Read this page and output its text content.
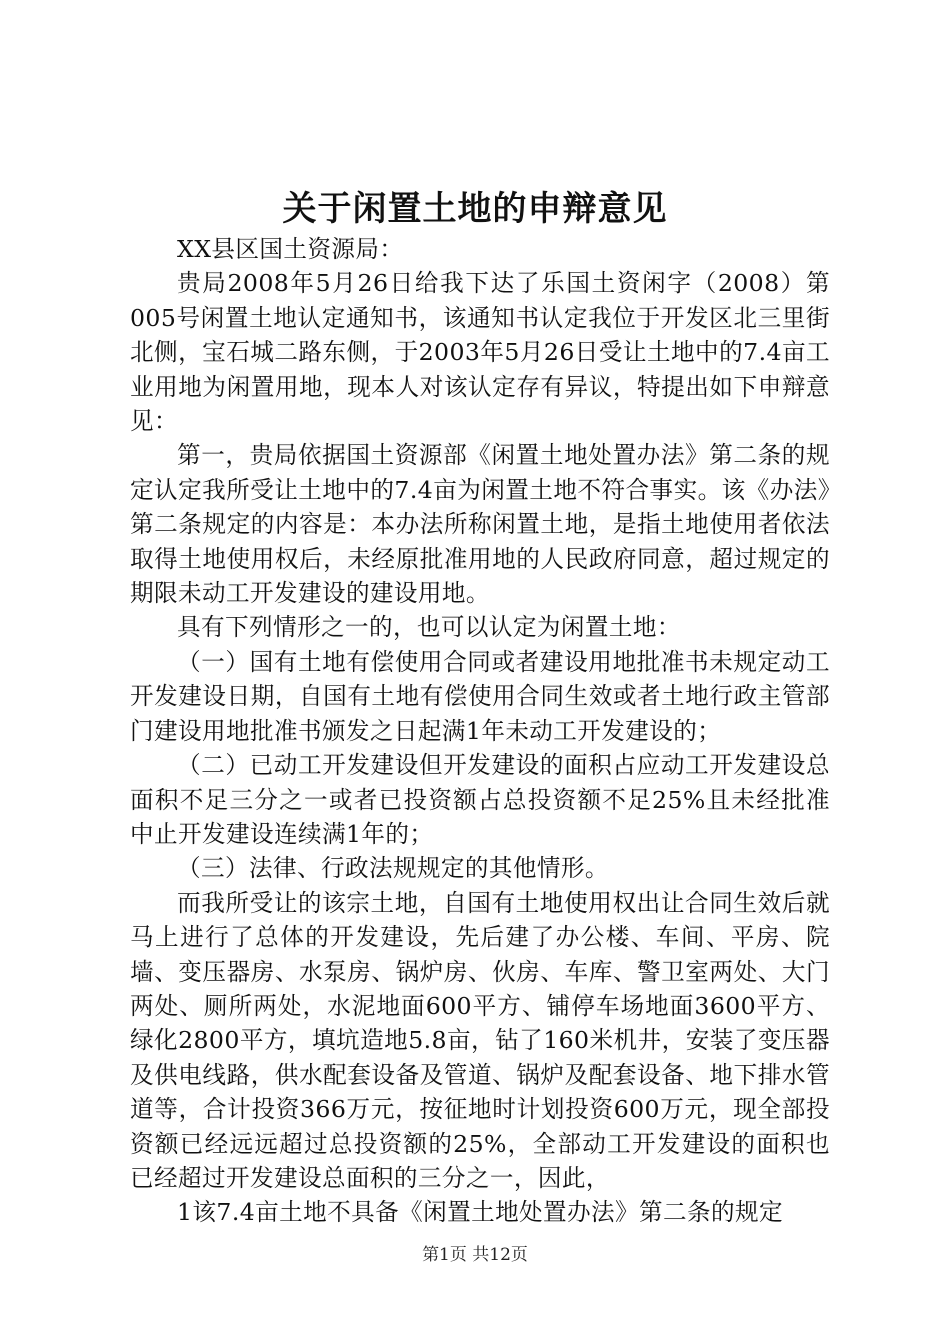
关于闲置土地的申辩意见

XX县区国土资源局：

贵局2008年5月26日给我下达了乐国土资闲字（2008）第005号闲置土地认定通知书，该通知书认定我位于开发区北三里街北侧，宝石城二路东侧，于2003年5月26日受让土地中的7.4亩工业用地为闲置用地，现本人对该认定存有异议，特提出如下申辩意见：

第一，贵局依据国土资源部《闲置土地处置办法》第二条的规定认定我所受让土地中的7.4亩为闲置土地不符合事实。该《办法》第二条规定的内容是：本办法所称闲置土地，是指土地使用者依法取得土地使用权后，未经原批准用地的人民政府同意，超过规定的期限未动工开发建设的建设用地。

具有下列情形之一的，也可以认定为闲置土地：

（一）国有土地有偿使用合同或者建设用地批准书未规定动工开发建设日期，自国有土地有偿使用合同生效或者土地行政主管部门建设用地批准书颁发之日起满1年未动工开发建设的；

（二）已动工开发建设但开发建设的面积占应动工开发建设总面积不足三分之一或者已投资额占总投资额不足25%且未经批准中止开发建设连续满1年的；

（三）法律、行政法规规定的其他情形。

而我所受让的该宗土地，自国有土地使用权出让合同生效后就马上进行了总体的开发建设，先后建了办公楼、车间、平房、院墙、变压器房、水泵房、锅炉房、伙房、车库、警卫室两处、大门两处、厕所两处，水泥地面600平方、铺停车场地面3600平方、绿化2800平方，填坑造地5.8亩，钻了160米机井，安装了变压器及供电线路，供水配套设备及管道、锅炉及配套设备、地下排水管道等，合计投资366万元，按征地时计划投资600万元，现全部投资额已经远远超过总投资额的25%，全部动工开发建设的面积也已经超过开发建设总面积的三分之一，因此，

1该7.4亩土地不具备《闲置土地处置办法》第二条的规定

第1页 共12页
